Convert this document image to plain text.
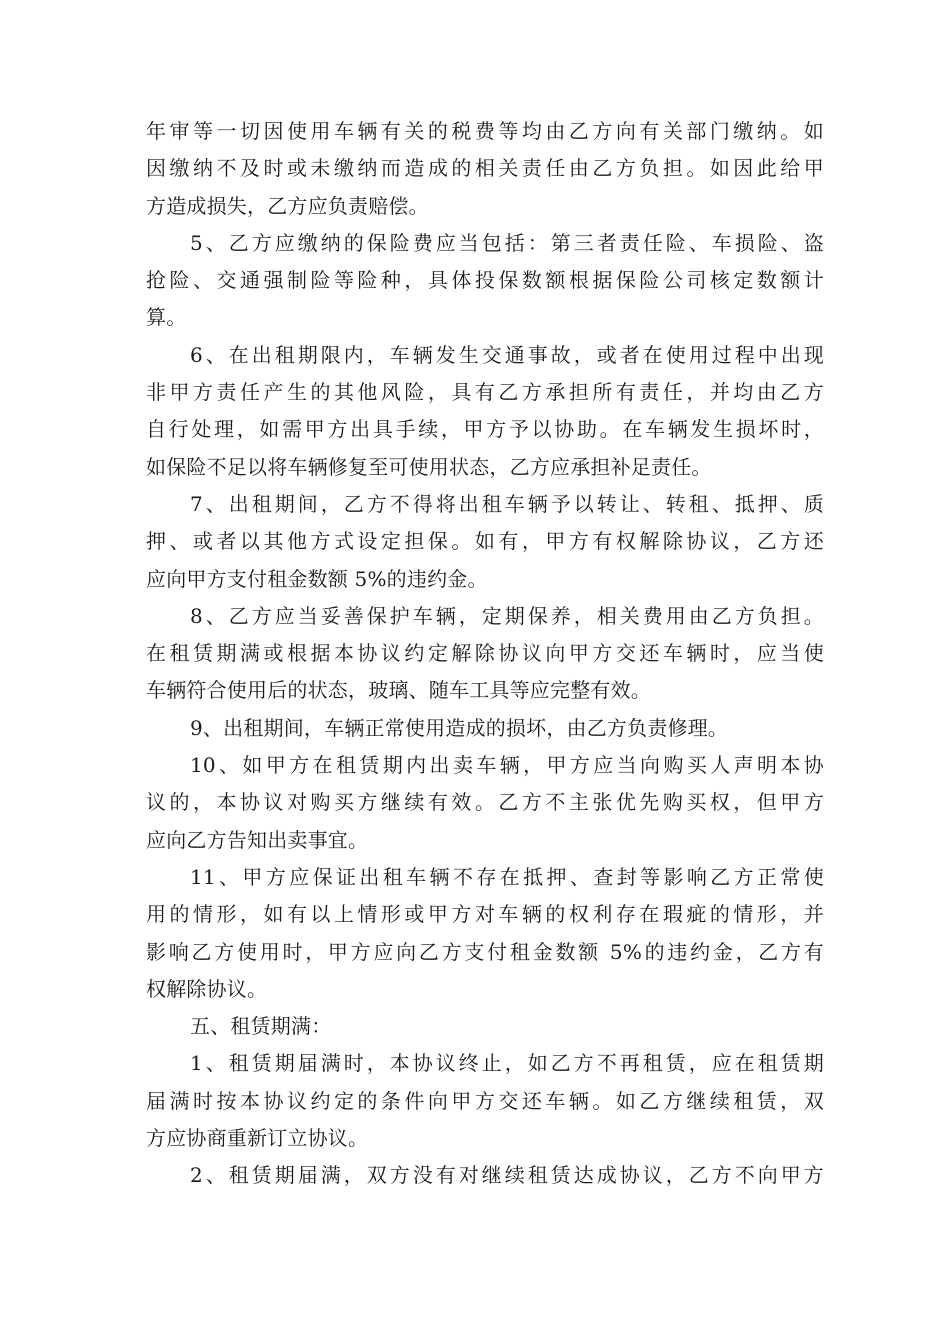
年审等一切因使用车辆有关的税费等均由乙方向有关部门缴纳。如
因缴纳不及时或未缴纳而造成的相关责任由乙方负担。如因此给甲
方造成损失，乙方应负责赔偿。
5、乙方应缴纳的保险费应当包括：第三者责任险、车损险、盗
抢险、交通强制险等险种，具体投保数额根据保险公司核定数额计
算。
6、在出租期限内，车辆发生交通事故，或者在使用过程中出现
非甲方责任产生的其他风险，具有乙方承担所有责任，并均由乙方
自行处理，如需甲方出具手续，甲方予以协助。在车辆发生损坏时，
如保险不足以将车辆修复至可使用状态，乙方应承担补足责任。
7、出租期间，乙方不得将出租车辆予以转让、转租、抵押、质
押、或者以其他方式设定担保。如有，甲方有权解除协议，乙方还
应向甲方支付租金数额 5%的违约金。
8、乙方应当妥善保护车辆，定期保养，相关费用由乙方负担。
在租赁期满或根据本协议约定解除协议向甲方交还车辆时，应当使
车辆符合使用后的状态，玻璃、随车工具等应完整有效。
9、出租期间，车辆正常使用造成的损坏，由乙方负责修理。
10、如甲方在租赁期内出卖车辆，甲方应当向购买人声明本协
议的，本协议对购买方继续有效。乙方不主张优先购买权，但甲方
应向乙方告知出卖事宜。
11、甲方应保证出租车辆不存在抵押、查封等影响乙方正常使
用的情形，如有以上情形或甲方对车辆的权利存在瑕疵的情形，并
影响乙方使用时，甲方应向乙方支付租金数额 5%的违约金，乙方有
权解除协议。
五、租赁期满：
1、租赁期届满时，本协议终止，如乙方不再租赁，应在租赁期
届满时按本协议约定的条件向甲方交还车辆。如乙方继续租赁，双
方应协商重新订立协议。
2、租赁期届满，双方没有对继续租赁达成协议，乙方不向甲方
